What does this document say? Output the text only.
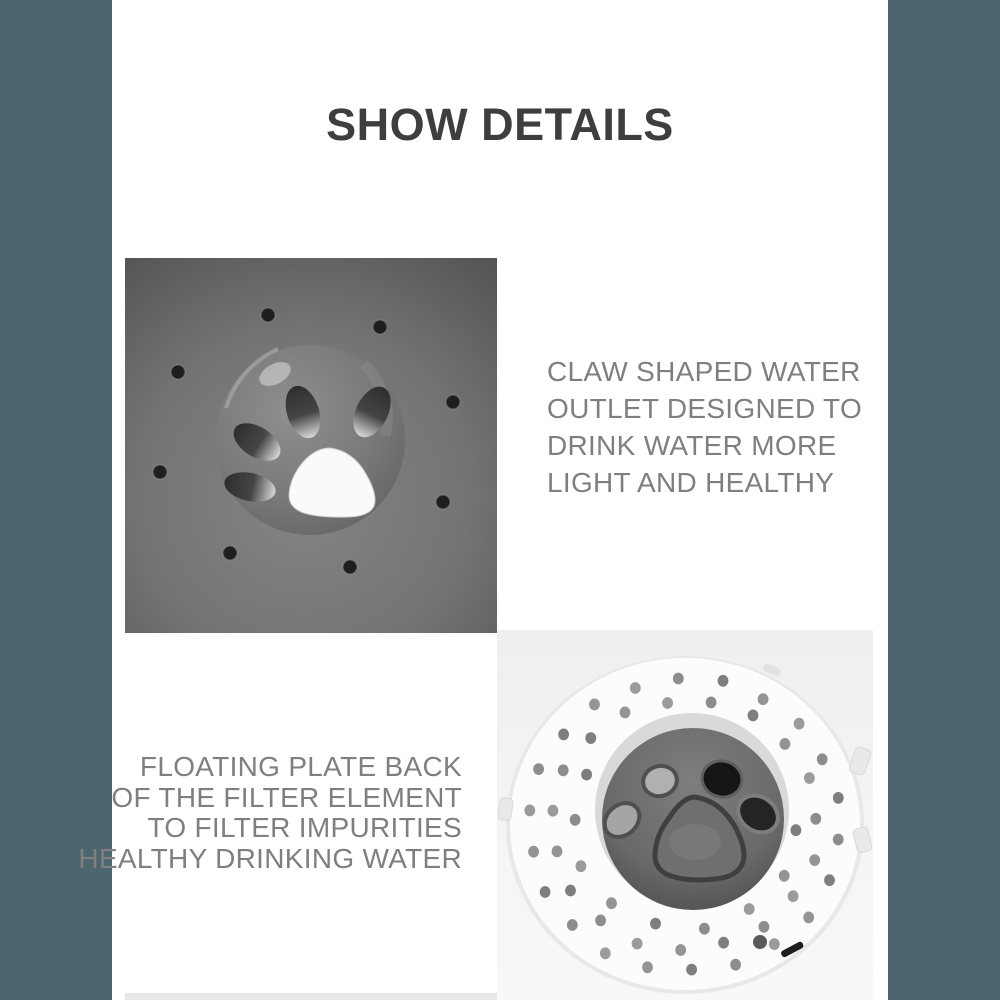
SHOW DETAILS
CLAW SHAPED WATER
OUTLET DESIGNED TO
DRINK WATER MORE
LIGHT AND HEALTHY
FLOATING PLATE BACK
OF THE FILTER ELEMENT
TO FILTER IMPURITIES
HEALTHY DRINKING WATER
